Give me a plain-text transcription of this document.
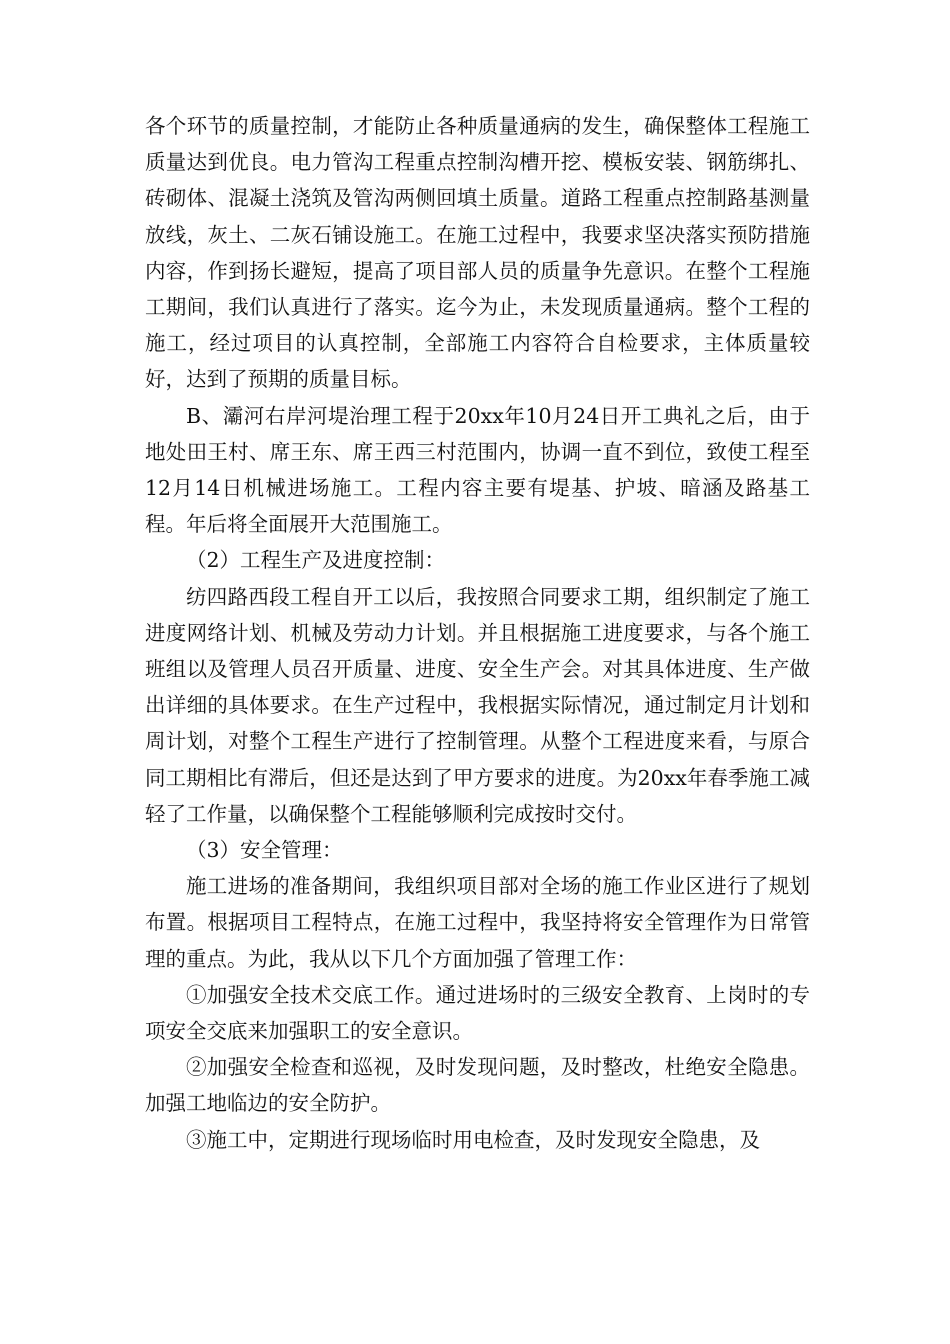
各个环节的质量控制，才能防止各种质量通病的发生，确保整体工程施工质量达到优良。电力管沟工程重点控制沟槽开挖、模板安装、钢筋绑扎、砖砌体、混凝土浇筑及管沟两侧回填土质量。道路工程重点控制路基测量放线，灰土、二灰石铺设施工。在施工过程中，我要求坚决落实预防措施内容，作到扬长避短，提高了项目部人员的质量争先意识。在整个工程施工期间，我们认真进行了落实。迄今为止，未发现质量通病。整个工程的施工，经过项目的认真控制，全部施工内容符合自检要求，主体质量较好，达到了预期的质量目标。

B、灞河右岸河堤治理工程于20xx年10月24日开工典礼之后，由于地处田王村、席王东、席王西三村范围内，协调一直不到位，致使工程至12月14日机械进场施工。工程内容主要有堤基、护坡、暗涵及路基工程。年后将全面展开大范围施工。

（2）工程生产及进度控制：

纺四路西段工程自开工以后，我按照合同要求工期，组织制定了施工进度网络计划、机械及劳动力计划。并且根据施工进度要求，与各个施工班组以及管理人员召开质量、进度、安全生产会。对其具体进度、生产做出详细的具体要求。在生产过程中，我根据实际情况，通过制定月计划和周计划，对整个工程生产进行了控制管理。从整个工程进度来看，与原合同工期相比有滞后，但还是达到了甲方要求的进度。为20xx年春季施工减轻了工作量，以确保整个工程能够顺利完成按时交付。

（3）安全管理：

施工进场的准备期间，我组织项目部对全场的施工作业区进行了规划布置。根据项目工程特点，在施工过程中，我坚持将安全管理作为日常管理的重点。为此，我从以下几个方面加强了管理工作：

①加强安全技术交底工作。通过进场时的三级安全教育、上岗时的专项安全交底来加强职工的安全意识。

②加强安全检查和巡视，及时发现问题，及时整改，杜绝安全隐患。加强工地临边的安全防护。

③施工中，定期进行现场临时用电检查，及时发现安全隐患，及
